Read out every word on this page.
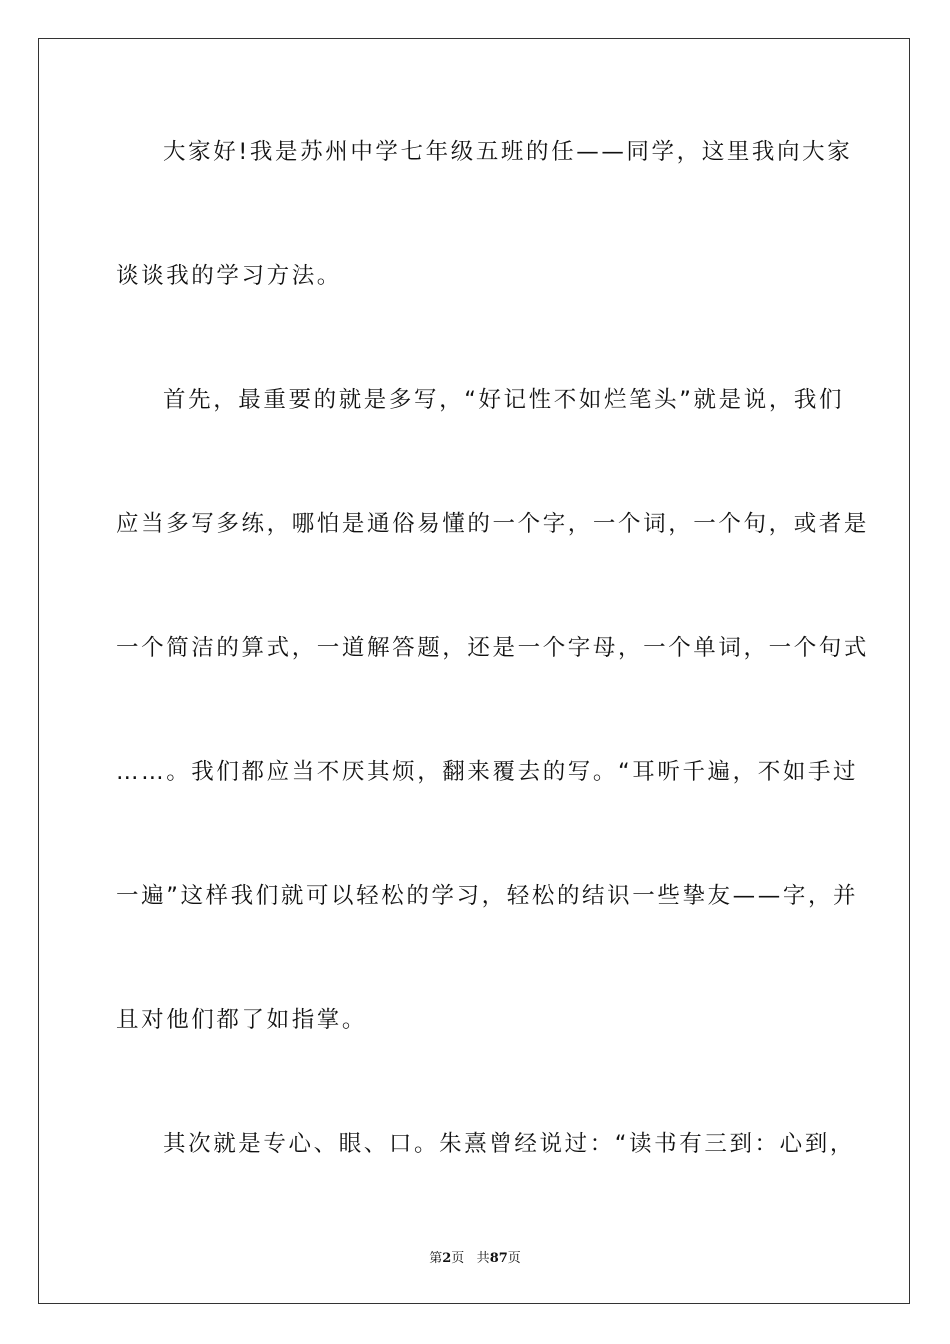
大家好!我是苏州中学七年级五班的任——同学，这里我向大家
谈谈我的学习方法。
首先，最重要的就是多写，“好记性不如烂笔头”就是说，我们
应当多写多练，哪怕是通俗易懂的一个字，一个词，一个句，或者是
一个简洁的算式，一道解答题，还是一个字母，一个单词，一个句式
……。我们都应当不厌其烦，翻来覆去的写。“耳听千遍，不如手过
一遍”这样我们就可以轻松的学习，轻松的结识一些挚友——字，并
且对他们都了如指掌。
其次就是专心、眼、口。朱熹曾经说过：“读书有三到：心到，
第2页 共87页
